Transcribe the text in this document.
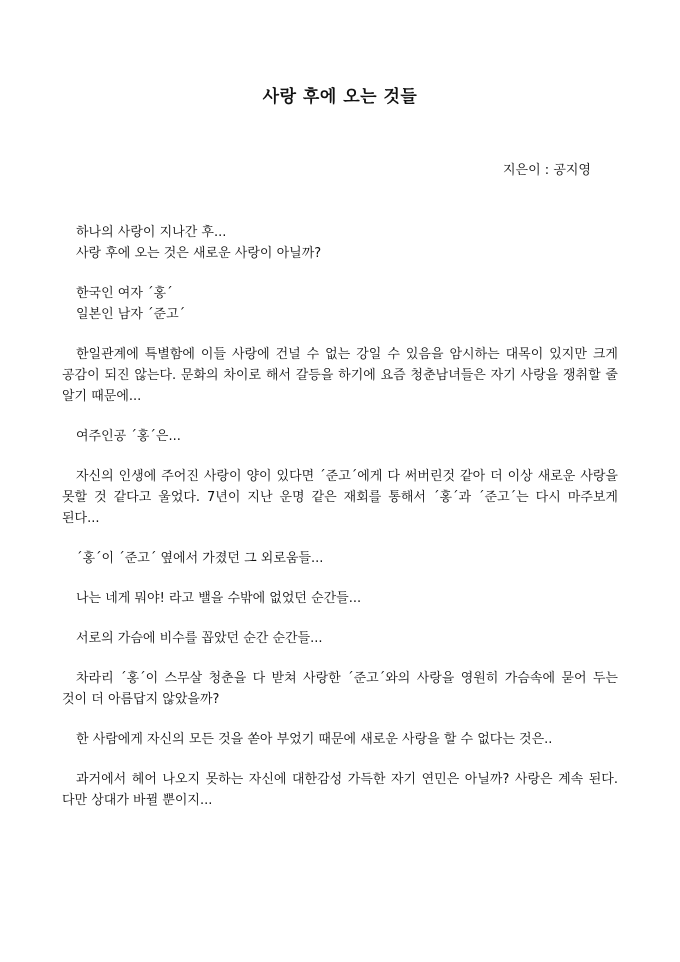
사랑 후에 오는 것들
지은이 : 공지영

하나의 사랑이 지나간 후...
사랑 후에 오는 것은 새로운 사랑이 아닐까?

한국인 여자 ´홍´
일본인 남자 ´준고´

한일관계에 특별함에 이들 사랑에 건널 수 없는 강일 수 있음을 암시하는 대목이 있지만 크게 공감이 되진 않는다. 문화의 차이로 해서 갈등을 하기에 요즘 청춘남녀들은 자기 사랑을 쟁취할 줄 알기 때문에...

여주인공 ´홍´은...

자신의 인생에 주어진 사랑이 양이 있다면 ´준고´에게 다 써버린것 같아 더 이상 새로운 사랑을 못할 것 같다고 울었다. 7년이 지난 운명 같은 재회를 통해서 ´홍´과 ´준고´는 다시 마주보게 된다...

´홍´이 ´준고´ 옆에서 가졌던 그 외로움들...

나는 네게 뭐야! 라고 밸을 수밖에 없었던 순간들...

서로의 가슴에 비수를 꼽았던 순간 순간들...

차라리 ´홍´이 스무살 청춘을 다 받쳐 사랑한 ´준고´와의 사랑을 영원히 가슴속에 묻어 두는 것이 더 아름답지 않았을까?

한 사람에게 자신의 모든 것을 쏟아 부었기 때문에 새로운 사랑을 할 수 없다는 것은..

과거에서 헤어 나오지 못하는 자신에 대한감성 가득한 자기 연민은 아닐까? 사랑은 계속 된다. 다만 상대가 바뀔 뿐이지...
